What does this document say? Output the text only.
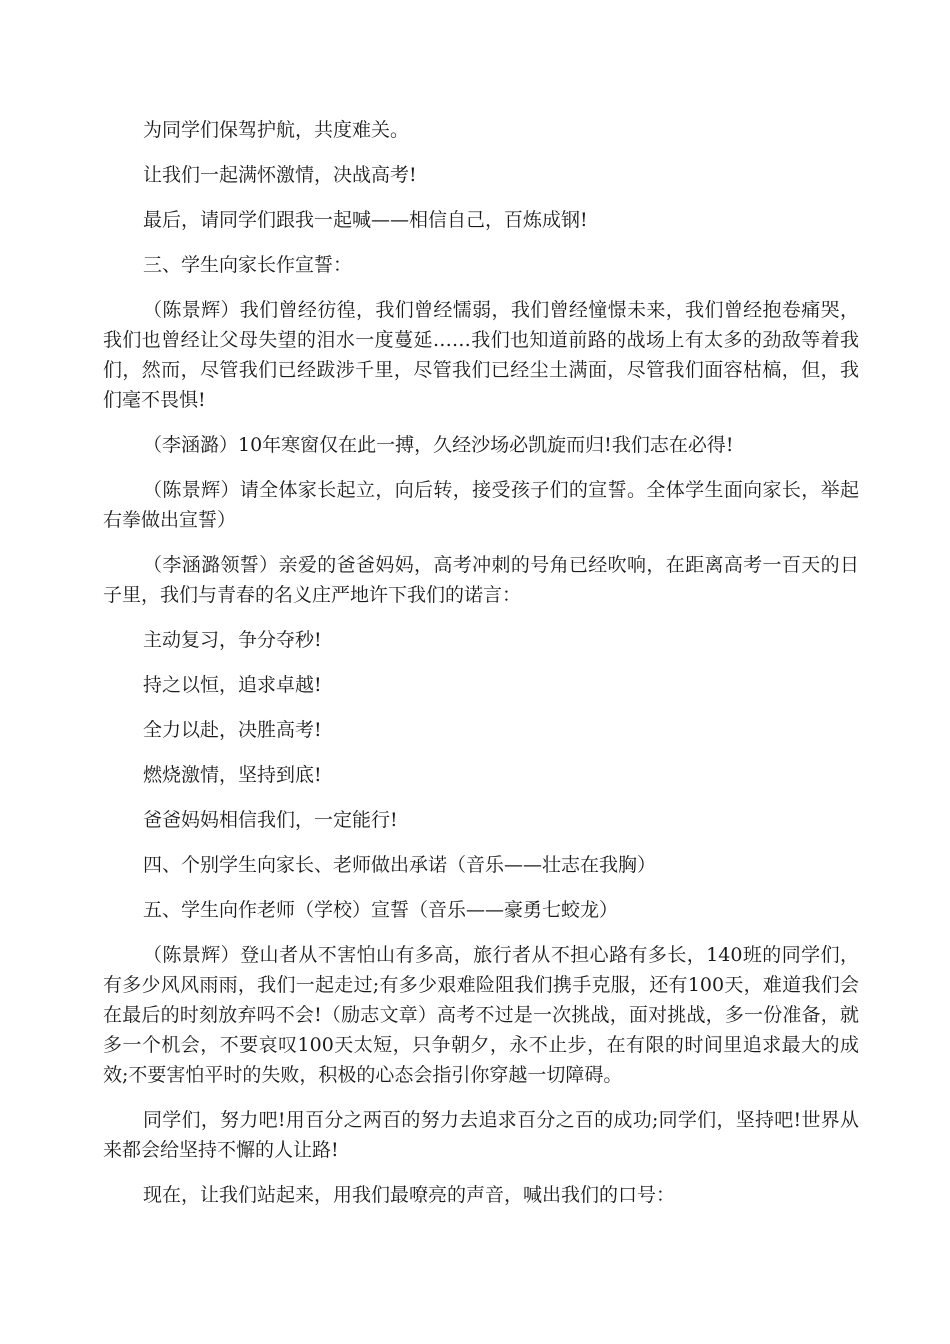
为同学们保驾护航，共度难关。

让我们一起满怀激情，决战高考!

最后，请同学们跟我一起喊——相信自己，百炼成钢!

三、学生向家长作宣誓：

（陈景辉）我们曾经彷徨，我们曾经懦弱，我们曾经憧憬未来，我们曾经抱卷痛哭，我们也曾经让父母失望的泪水一度蔓延……我们也知道前路的战场上有太多的劲敌等着我们，然而，尽管我们已经跋涉千里，尽管我们已经尘土满面，尽管我们面容枯槁，但，我们毫不畏惧!

（李涵潞）10年寒窗仅在此一搏，久经沙场必凯旋而归!我们志在必得!

（陈景辉）请全体家长起立，向后转，接受孩子们的宣誓。全体学生面向家长，举起右拳做出宣誓）

（李涵潞领誓）亲爱的爸爸妈妈，高考冲刺的号角已经吹响，在距离高考一百天的日子里，我们与青春的名义庄严地许下我们的诺言：

主动复习，争分夺秒!

持之以恒，追求卓越!

全力以赴，决胜高考!

燃烧激情，坚持到底!

爸爸妈妈相信我们，一定能行!

四、个别学生向家长、老师做出承诺（音乐——壮志在我胸）

五、学生向作老师（学校）宣誓（音乐——豪勇七蛟龙）

（陈景辉）登山者从不害怕山有多高，旅行者从不担心路有多长，140班的同学们，有多少风风雨雨，我们一起走过;有多少艰难险阻我们携手克服，还有100天，难道我们会在最后的时刻放弃吗不会!（励志文章）高考不过是一次挑战，面对挑战，多一份准备，就多一个机会，不要哀叹100天太短，只争朝夕，永不止步，在有限的时间里追求最大的成效;不要害怕平时的失败，积极的心态会指引你穿越一切障碍。

同学们，努力吧!用百分之两百的努力去追求百分之百的成功;同学们，坚持吧!世界从来都会给坚持不懈的人让路!

现在，让我们站起来，用我们最嘹亮的声音，喊出我们的口号：
